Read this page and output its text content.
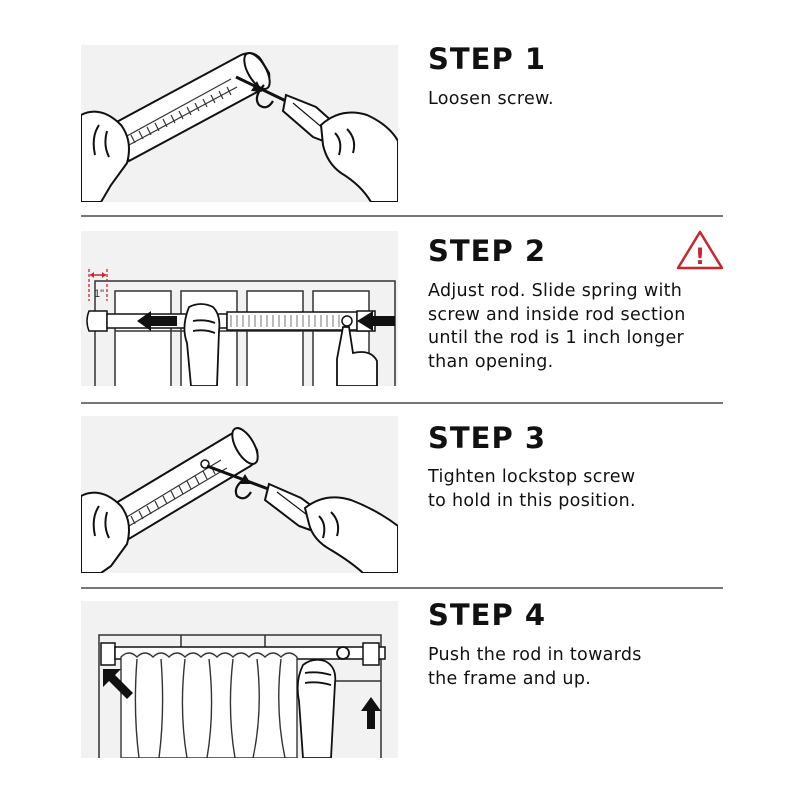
STEP 1
Loosen screw.
1"
STEP 2	!
Adjust rod. Slide spring with
screw and inside rod section
until the rod is 1 inch longer
than opening.
STEP 3
Tighten lockstop screw
to hold in this position.
STEP 4
Push the rod in towards
the frame and up.
